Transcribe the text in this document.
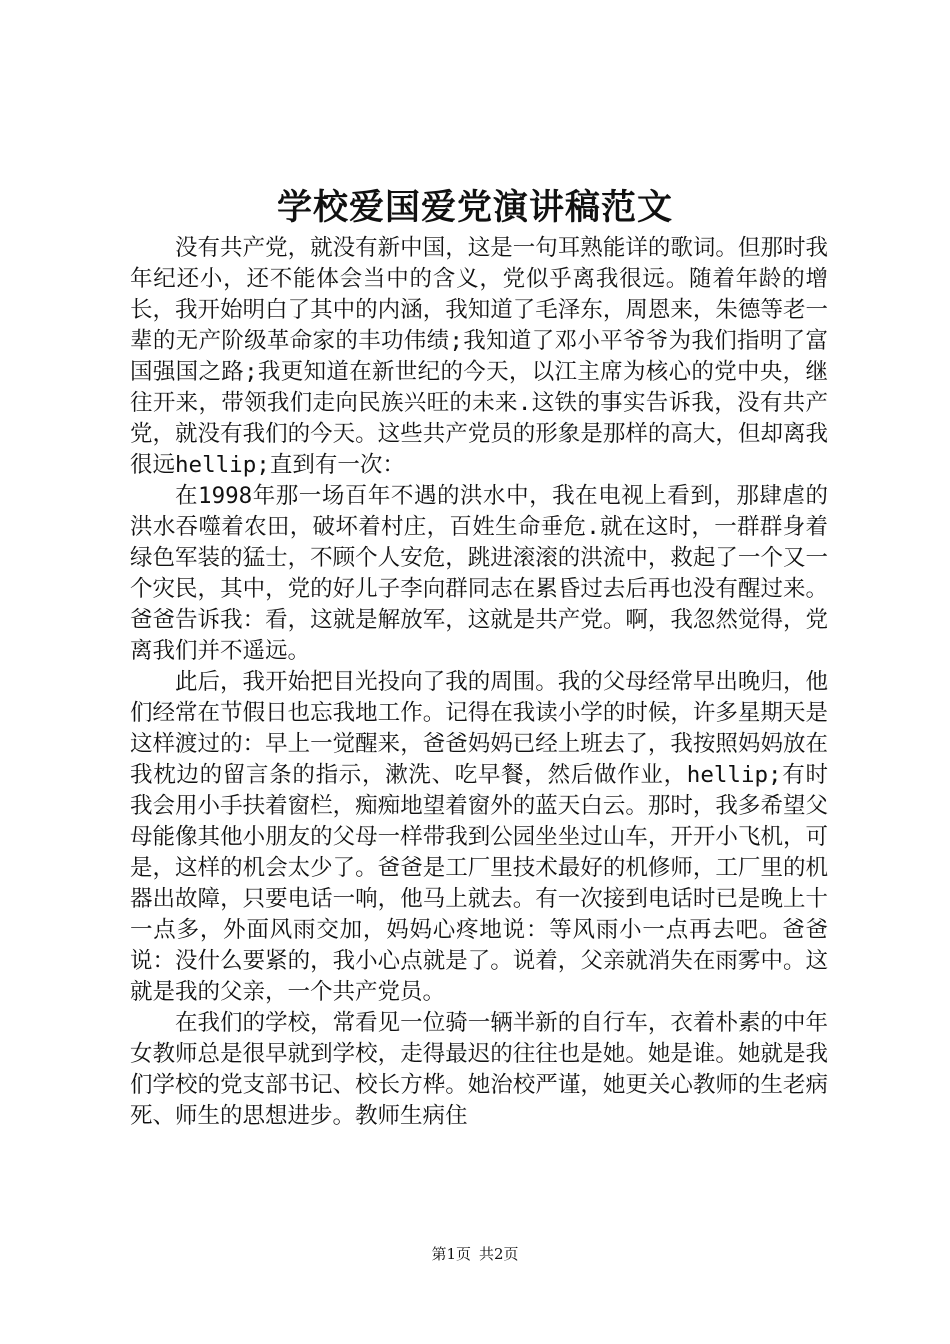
学校爱国爱党演讲稿范文

没有共产党，就没有新中国，这是一句耳熟能详的歌词。但那时我年纪还小，还不能体会当中的含义，党似乎离我很远。随着年龄的增长，我开始明白了其中的内涵，我知道了毛泽东，周恩来，朱德等老一辈的无产阶级革命家的丰功伟绩;我知道了邓小平爷爷为我们指明了富国强国之路;我更知道在新世纪的今天，以江主席为核心的党中央，继往开来，带领我们走向民族兴旺的未来.这铁的事实告诉我，没有共产党，就没有我们的今天。这些共产党员的形象是那样的高大，但却离我很远hellip;直到有一次：

在1998年那一场百年不遇的洪水中，我在电视上看到，那肆虐的洪水吞噬着农田，破坏着村庄，百姓生命垂危.就在这时，一群群身着绿色军装的猛士，不顾个人安危，跳进滚滚的洪流中，救起了一个又一个灾民，其中，党的好儿子李向群同志在累昏过去后再也没有醒过来。爸爸告诉我：看，这就是解放军，这就是共产党。啊，我忽然觉得，党离我们并不遥远。

此后，我开始把目光投向了我的周围。我的父母经常早出晚归，他们经常在节假日也忘我地工作。记得在我读小学的时候，许多星期天是这样渡过的：早上一觉醒来，爸爸妈妈已经上班去了，我按照妈妈放在我枕边的留言条的指示，漱洗、吃早餐，然后做作业，hellip;有时我会用小手扶着窗栏，痴痴地望着窗外的蓝天白云。那时，我多希望父母能像其他小朋友的父母一样带我到公园坐坐过山车，开开小飞机，可是，这样的机会太少了。爸爸是工厂里技术最好的机修师，工厂里的机器出故障，只要电话一响，他马上就去。有一次接到电话时已是晚上十一点多，外面风雨交加，妈妈心疼地说：等风雨小一点再去吧。爸爸说：没什么要紧的，我小心点就是了。说着，父亲就消失在雨雾中。这就是我的父亲，一个共产党员。

在我们的学校，常看见一位骑一辆半新的自行车，衣着朴素的中年女教师总是很早就到学校，走得最迟的往往也是她。她是谁。她就是我们学校的党支部书记、校长方桦。她治校严谨，她更关心教师的生老病死、师生的思想进步。教师生病住

第1页 共2页
